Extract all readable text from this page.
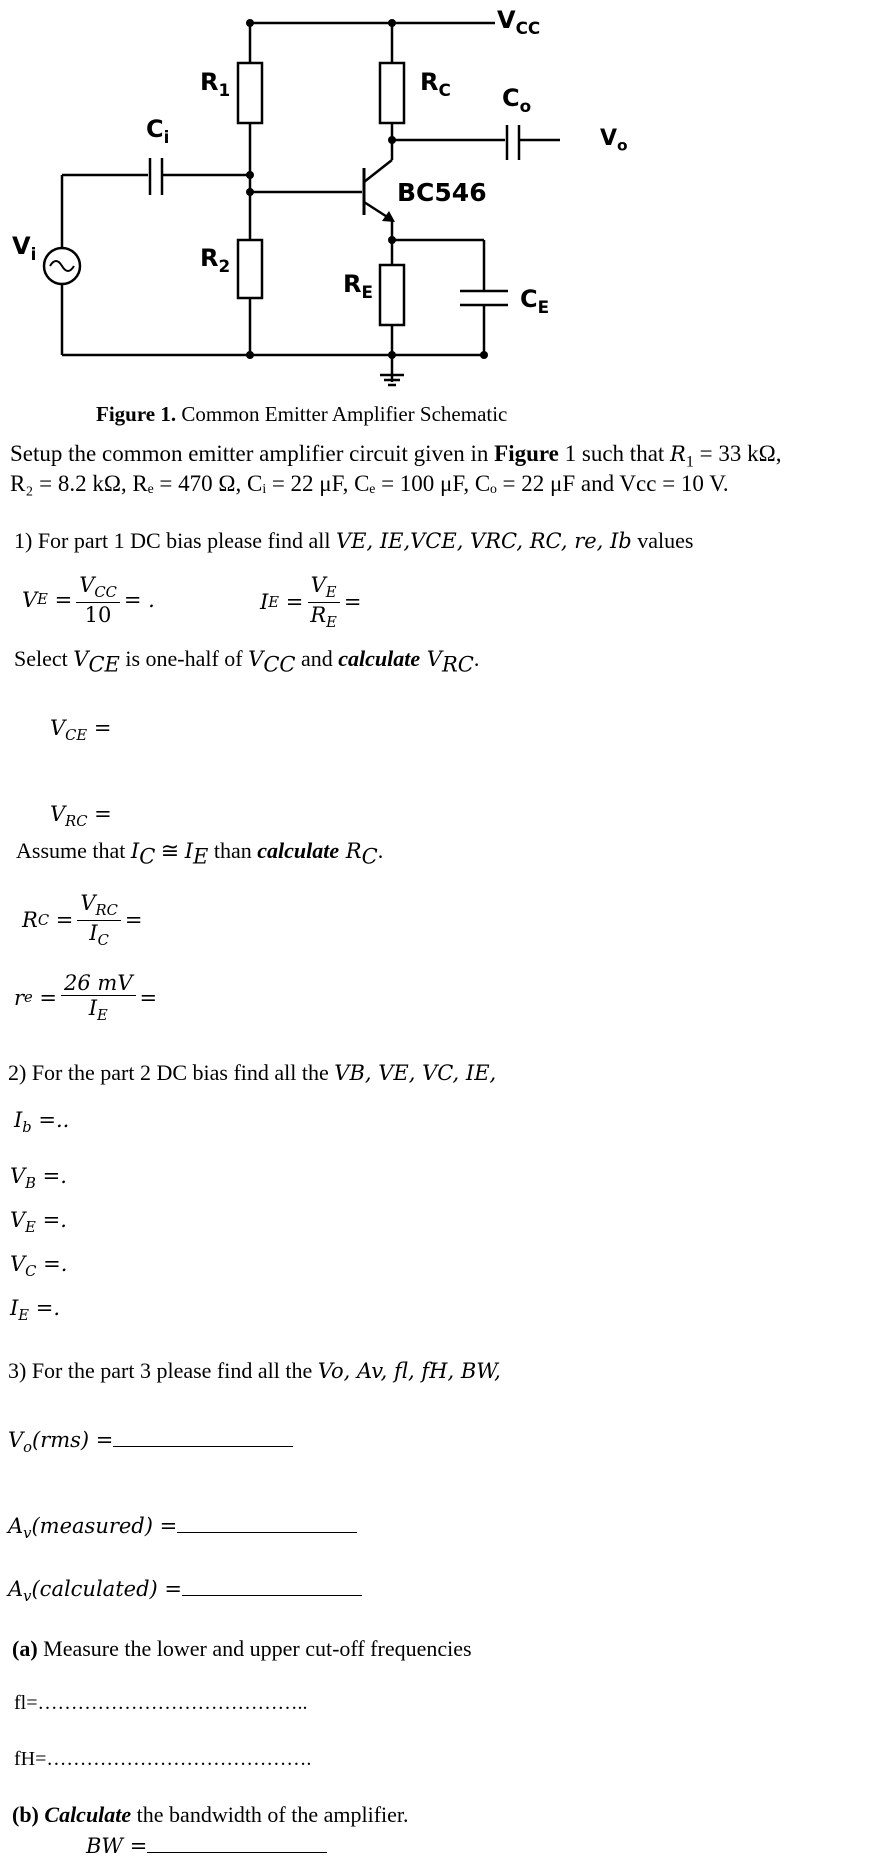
$V_{CC}$
$C_o$
$V_o$
$R_C$
$R_1$
$C_i$
$V_i$	$R_2$
BC546
$R_E$	$C_E$
Figure 1. Common Emitter Amplifier Schematic
Setup the common emitter amplifier circuit given in Figure 1 such that $R_1 = 33$ kΩ,
R₂ = 8.2 kΩ, Rₑ = 470 Ω, Cᵢ = 22 μF, Cₑ = 100 μF, Cₒ = 22 μF and Vcc = 10 V.
1) For part 1 DC bias please find all VE, IE,VCE, VRC, RC, re, Ib values
V $E = \frac{V_{CC}}{10}$ = .	I $E = \frac{V_E}{R_E}$ =
Select $V_{CE}$ is one-half of $V_{CC}$ and calculate $V_{RC}$.
$V_{CE}$ =
$V_{RC}$ =
Assume that $I_C$ ≅ $I_E$ than calculate $R_C$.
R $C = \frac{V_{RC}}{I_C}$ =
r $e = \frac{26 mV}{I_E}$ =
2) For the part 2 DC bias find all the VB, VE, VC, IE,
$I_b$ =..
$V_B$ =.
$V_E$ =.
$V_C$ =.
$I_E$ =.
3) For the part 3 please find all the Vo, Av, fl, fH, BW,
$V_o(rms)$ =
$A_v(measured)$ =
$A_v(calculated)$ =
(a) Measure the lower and upper cut-off frequencies
fl=…………………………………..
fH=………………………………….
(b) Calculate the bandwidth of the amplifier.
BW =
